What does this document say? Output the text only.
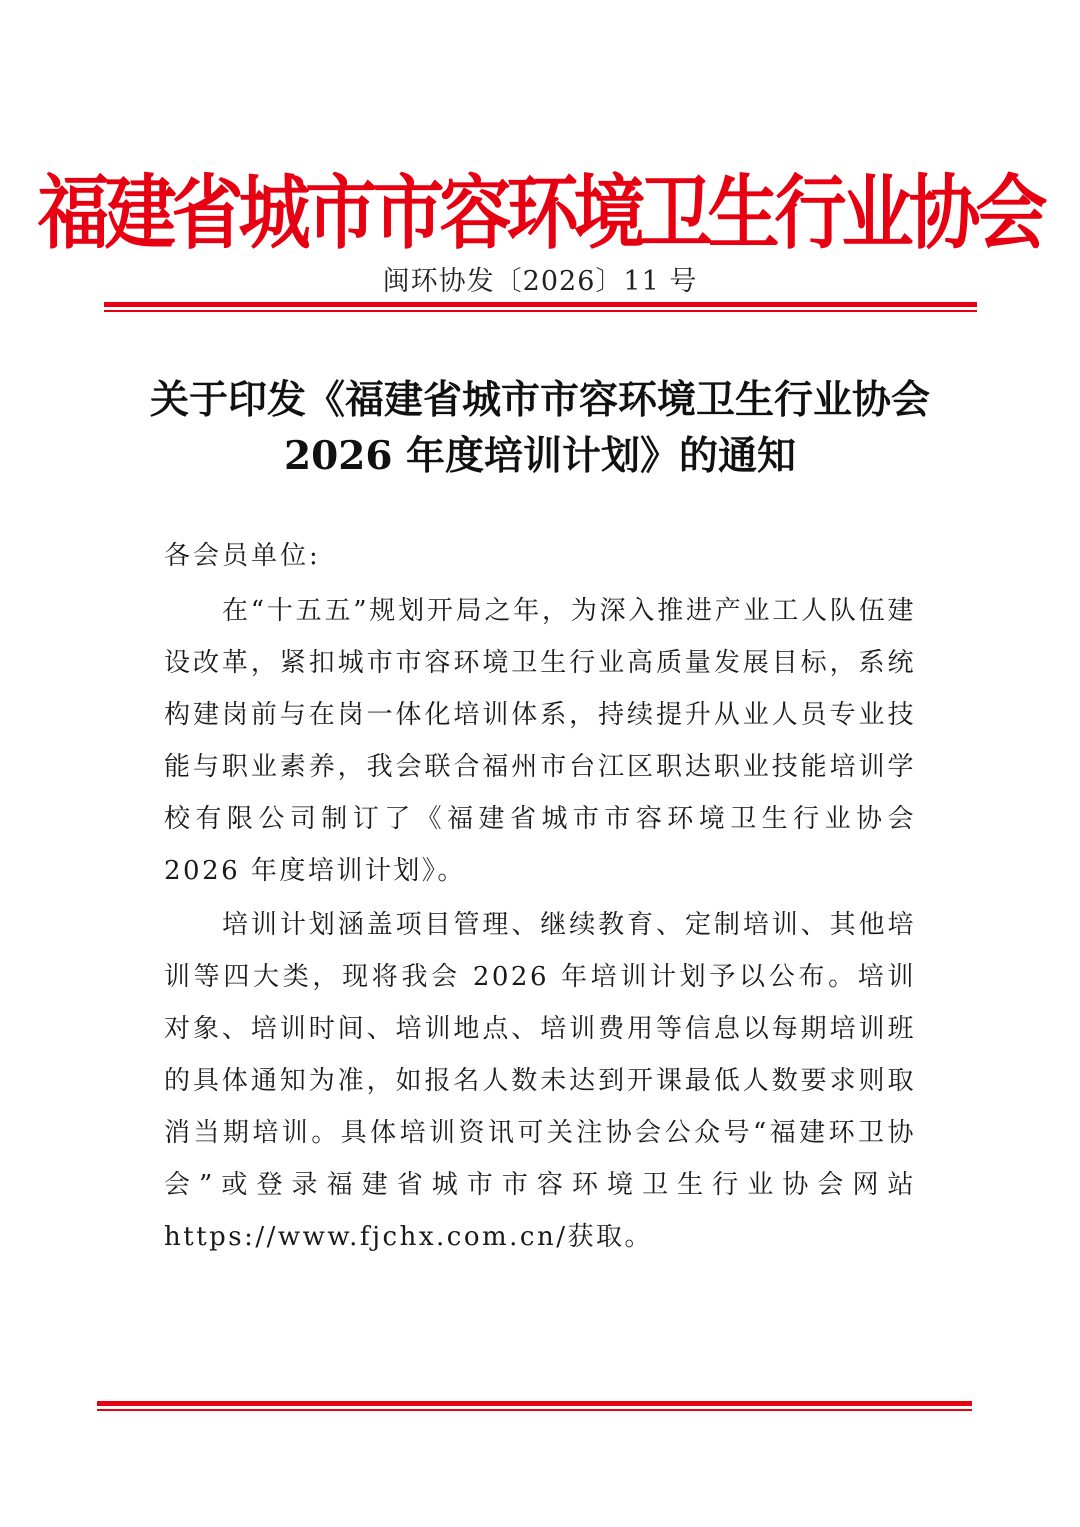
福建省城市市容环境卫生行业协会
闽环协发〔2026〕11 号
关于印发《福建省城市市容环境卫生行业协会 2026 年度培训计划》的通知

各会员单位:

在“十五五”规划开局之年，为深入推进产业工人队伍建设改革，紧扣城市市容环境卫生行业高质量发展目标，系统构建岗前与在岗一体化培训体系，持续提升从业人员专业技能与职业素养，我会联合福州市台江区职达职业技能培训学校有限公司制订了《福建省城市市容环境卫生行业协会 2026 年度培训计划》。

培训计划涵盖项目管理、继续教育、定制培训、其他培训等四大类，现将我会 2026 年培训计划予以公布。培训对象、培训时间、培训地点、培训费用等信息以每期培训班的具体通知为准，如报名人数未达到开课最低人数要求则取消当期培训。具体培训资讯可关注协会公众号“福建环卫协会”或登录福建省城市市容环境卫生行业协会网站 https://www.fjchx.com.cn/获取。
